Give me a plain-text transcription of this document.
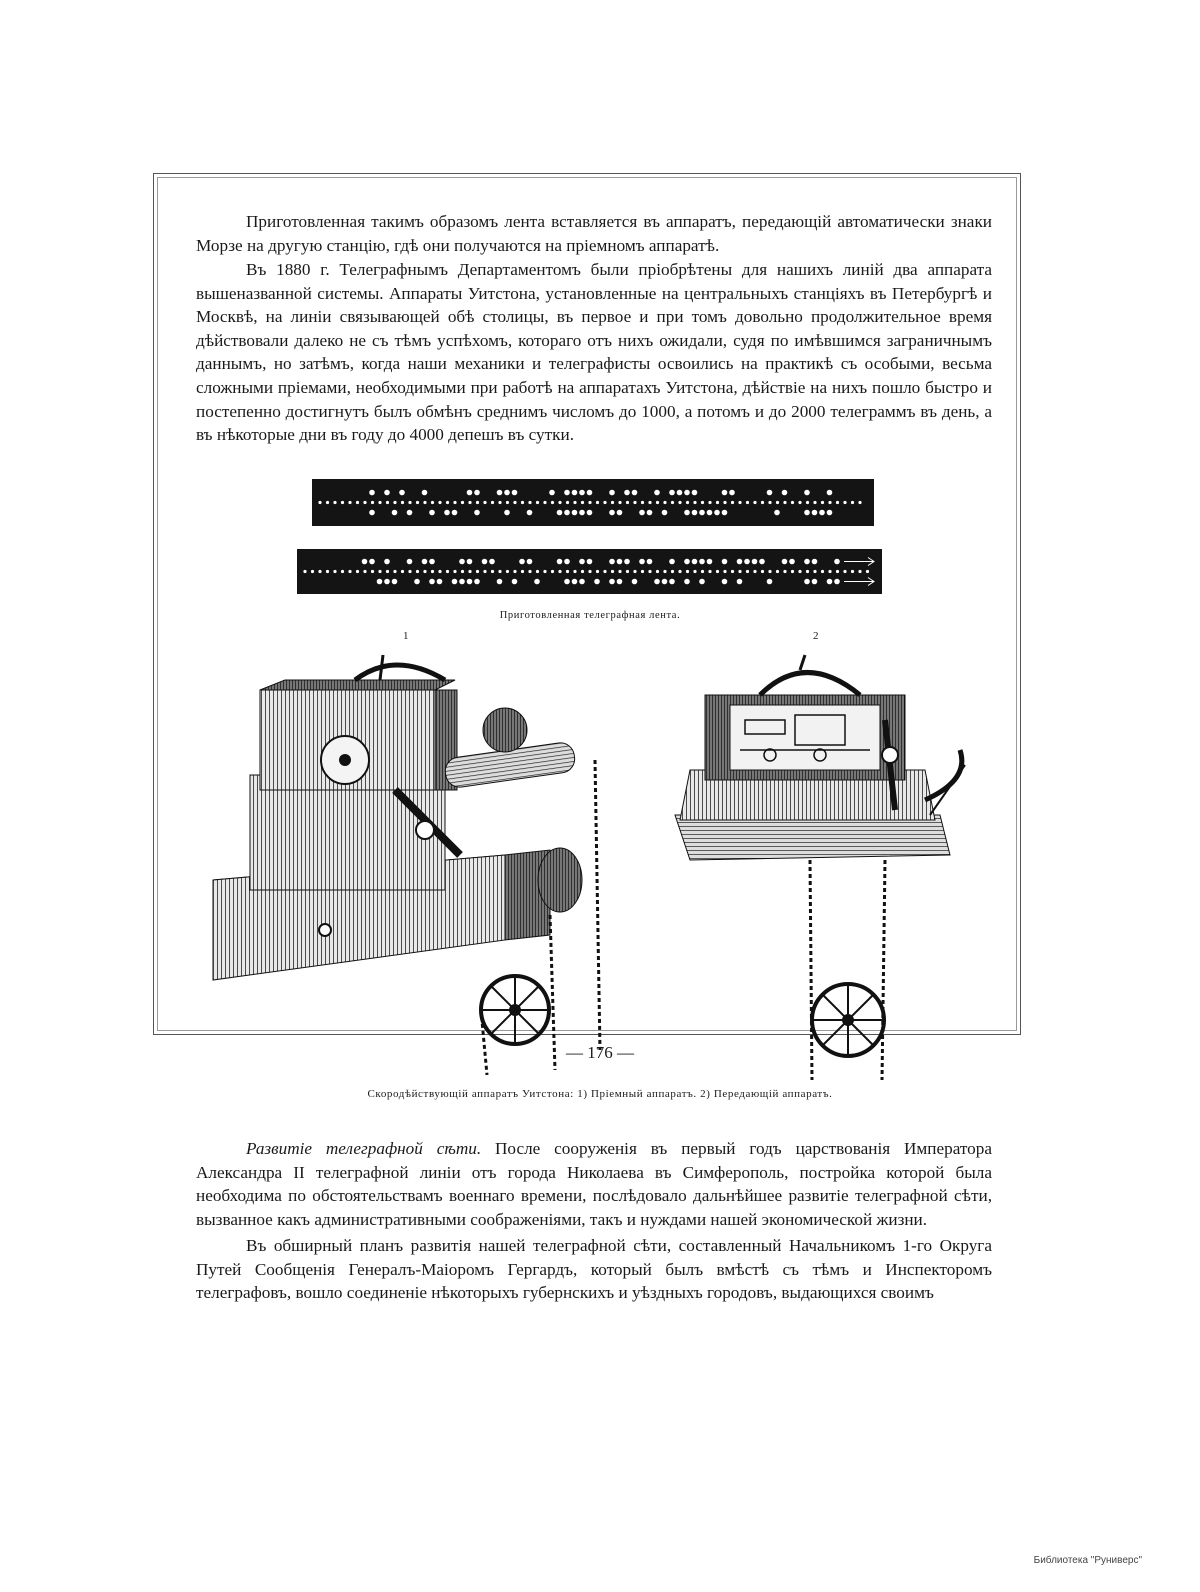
Приготовленная такимъ образомъ лента вставляется въ аппаратъ, передающій автоматически знаки Морзе на другую станцію, гдѣ они получаются на пріемномъ аппаратѣ.

Въ 1880 г. Телеграфнымъ Департаментомъ были пріобрѣтены для нашихъ линій два аппарата вышеназванной системы. Аппараты Уитстона, установленные на центральныхъ станціяхъ въ Петербургѣ и Москвѣ, на линіи связывающей обѣ столицы, въ первое и при томъ довольно продолжительное время дѣйствовали далеко не съ тѣмъ успѣхомъ, котораго отъ нихъ ожидали, судя по имѣвшимся заграничнымъ даннымъ, но затѣмъ, когда наши механики и телеграфисты освоились на практикѣ съ особыми, весьма сложными пріемами, необходимыми при работѣ на аппаратахъ Уитстона, дѣйствіе на нихъ пошло быстро и постепенно достигнутъ былъ обмѣнъ среднимъ числомъ до 1000, а потомъ и до 2000 телеграммъ въ день, а въ нѣкоторые дни въ году до 4000 депешъ въ сутки.

Приготовленная телеграфная лента.
1	2
Скородѣйствующій аппаратъ Уитстона: 1) Пріемный аппаратъ. 2) Передающій аппаратъ.

Развитіе телеграфной сѣти. После сооруженія въ первый годъ царствованія Императора Александра II телеграфной линіи отъ города Николаева въ Симферополь, постройка которой была необходима по обстоятельствамъ военнаго времени, послѣдовало дальнѣйшее развитіе телеграфной сѣти, вызванное какъ административными соображеніями, такъ и нуждами нашей экономической жизни.

Въ обширный планъ развитія нашей телеграфной сѣти, составленный Начальникомъ 1-го Округа Путей Сообщенія Генералъ-Маіоромъ Гергардъ, который былъ вмѣстѣ съ тѣмъ и Инспекторомъ телеграфовъ, вошло соединеніе нѣкоторыхъ губернскихъ и уѣздныхъ городовъ, выдающихся своимъ

— 176 —
Библиотека "Руниверс"
